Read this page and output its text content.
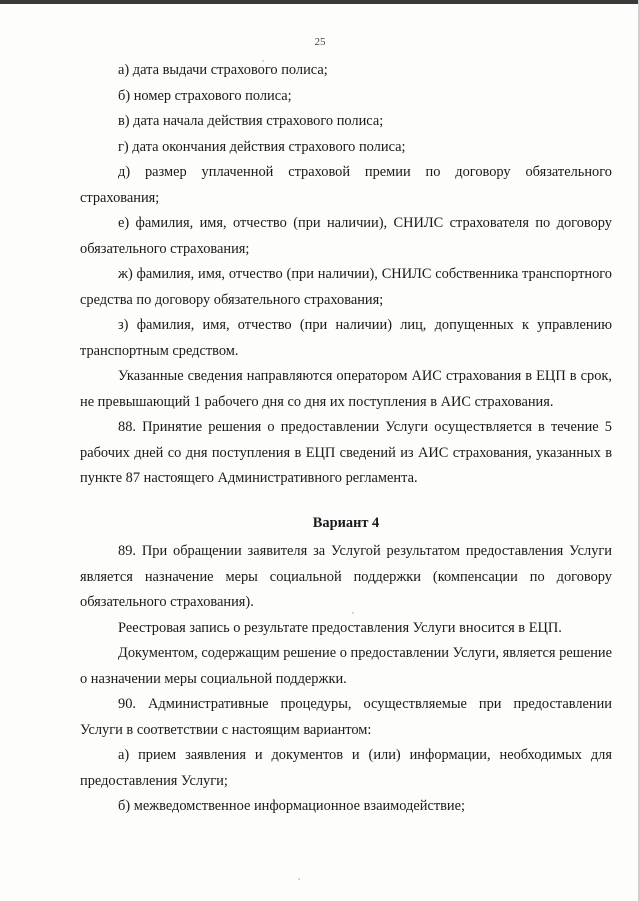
25

а) дата выдачи страхового полиса;

б) номер страхового полиса;

в) дата начала действия страхового полиса;

г) дата окончания действия страхового полиса;

д) размер уплаченной страховой премии по договору обязательного страхования;

е) фамилия, имя, отчество (при наличии), СНИЛС страхователя по договору обязательного страхования;

ж) фамилия, имя, отчество (при наличии), СНИЛС собственника транспортного средства по договору обязательного страхования;

з) фамилия, имя, отчество (при наличии) лиц, допущенных к управлению транспортным средством.

Указанные сведения направляются оператором АИС страхования в ЕЦП в срок, не превышающий 1 рабочего дня со дня их поступления в АИС страхования.

88. Принятие решения о предоставлении Услуги осуществляется в течение 5 рабочих дней со дня поступления в ЕЦП сведений из АИС страхования, указанных в пункте 87 настоящего Административного регламента.

Вариант 4

89. При обращении заявителя за Услугой результатом предоставления Услуги является назначение меры социальной поддержки (компенсации по договору обязательного страхования).

Реестровая запись о результате предоставления Услуги вносится в ЕЦП.

Документом, содержащим решение о предоставлении Услуги, является решение о назначении меры социальной поддержки.

90. Административные процедуры, осуществляемые при предоставлении Услуги в соответствии с настоящим вариантом:

а) прием заявления и документов и (или) информации, необходимых для предоставления Услуги;

б) межведомственное информационное взаимодействие;
